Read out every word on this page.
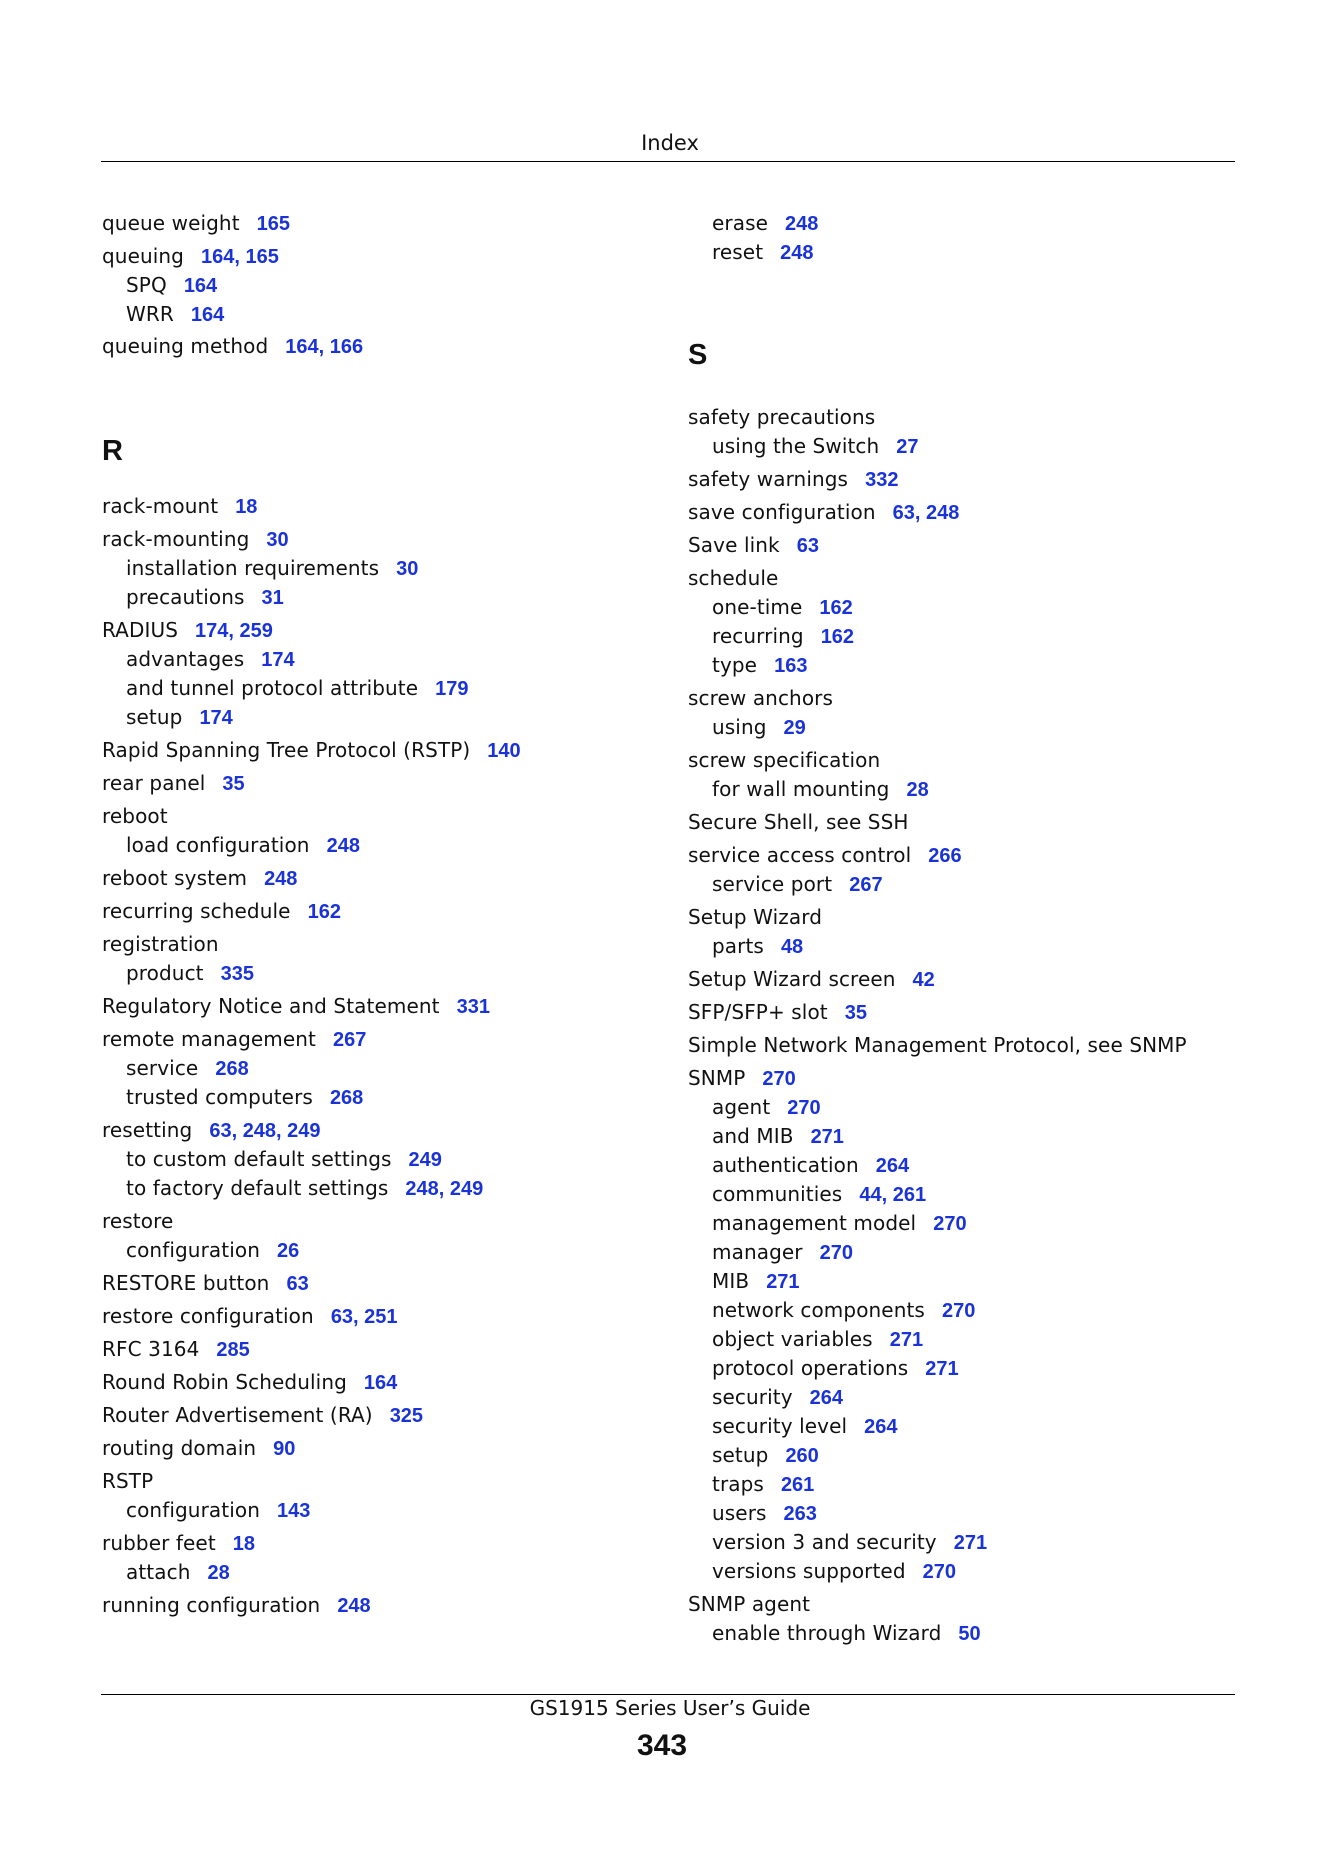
Index
queue weight 165
queuing 164, 165
SPQ 164
WRR 164
queuing method 164, 166
R
rack-mount 18
rack-mounting 30
installation requirements 30
precautions 31
RADIUS 174, 259
advantages 174
and tunnel protocol attribute 179
setup 174
Rapid Spanning Tree Protocol (RSTP) 140
rear panel 35
reboot
load configuration 248
reboot system 248
recurring schedule 162
registration
product 335
Regulatory Notice and Statement 331
remote management 267
service 268
trusted computers 268
resetting 63, 248, 249
to custom default settings 249
to factory default settings 248, 249
restore
configuration 26
RESTORE button 63
restore configuration 63, 251
RFC 3164 285
Round Robin Scheduling 164
Router Advertisement (RA) 325
routing domain 90
RSTP
configuration 143
rubber feet 18
attach 28
running configuration 248
erase 248
reset 248
S
safety precautions
using the Switch 27
safety warnings 332
save configuration 63, 248
Save link 63
schedule
one-time 162
recurring 162
type 163
screw anchors
using 29
screw specification
for wall mounting 28
Secure Shell, see SSH
service access control 266
service port 267
Setup Wizard
parts 48
Setup Wizard screen 42
SFP/SFP+ slot 35
Simple Network Management Protocol, see SNMP
SNMP 270
agent 270
and MIB 271
authentication 264
communities 44, 261
management model 270
manager 270
MIB 271
network components 270
object variables 271
protocol operations 271
security 264
security level 264
setup 260
traps 261
users 263
version 3 and security 271
versions supported 270
SNMP agent
enable through Wizard 50
GS1915 Series User’s Guide
343
